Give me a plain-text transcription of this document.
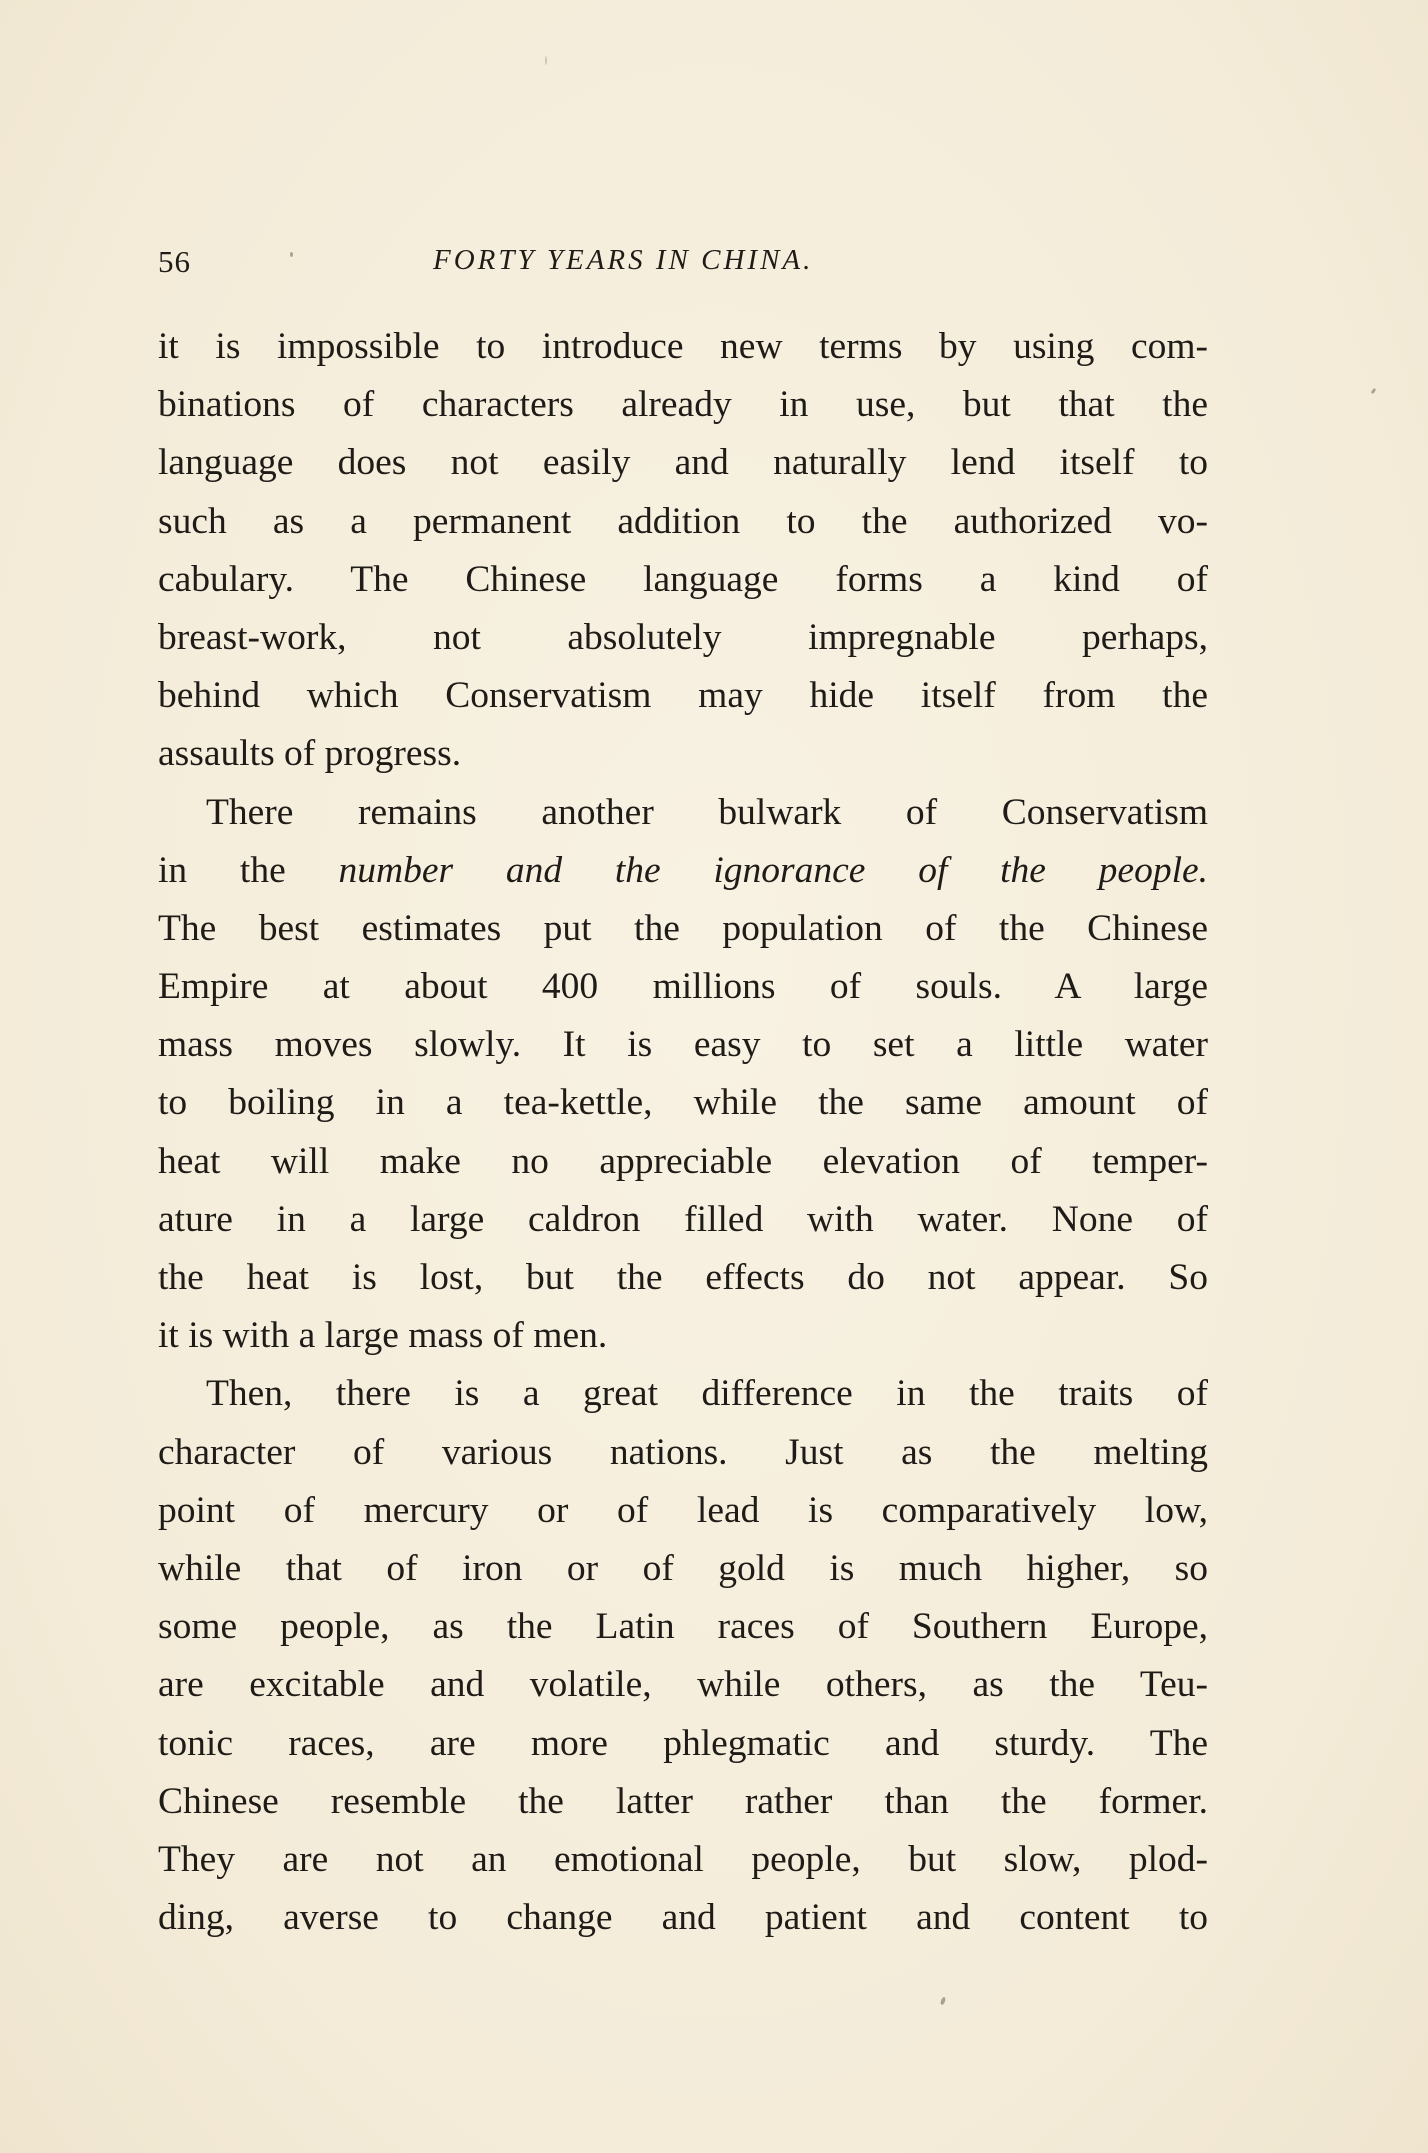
56	FORTY YEARS IN CHINA.
it is impossible to introduce new terms by using com-
binations of characters already in use, but that the
language does not easily and naturally lend itself to
such as a permanent addition to the authorized vo-
cabulary. The Chinese language forms a kind of
breast-work, not absolutely impregnable perhaps,
behind which Conservatism may hide itself from the
assaults of progress.
There remains another bulwark of Conservatism
in the number and the ignorance of the people.
The best estimates put the population of the Chinese
Empire at about 400 millions of souls. A large
mass moves slowly. It is easy to set a little water
to boiling in a tea-kettle, while the same amount of
heat will make no appreciable elevation of temper-
ature in a large caldron filled with water. None of
the heat is lost, but the effects do not appear. So
it is with a large mass of men.
Then, there is a great difference in the traits of
character of various nations. Just as the melting
point of mercury or of lead is comparatively low,
while that of iron or of gold is much higher, so
some people, as the Latin races of Southern Europe,
are excitable and volatile, while others, as the Teu-
tonic races, are more phlegmatic and sturdy. The
Chinese resemble the latter rather than the former.
They are not an emotional people, but slow, plod-
ding, averse to change and patient and content to
